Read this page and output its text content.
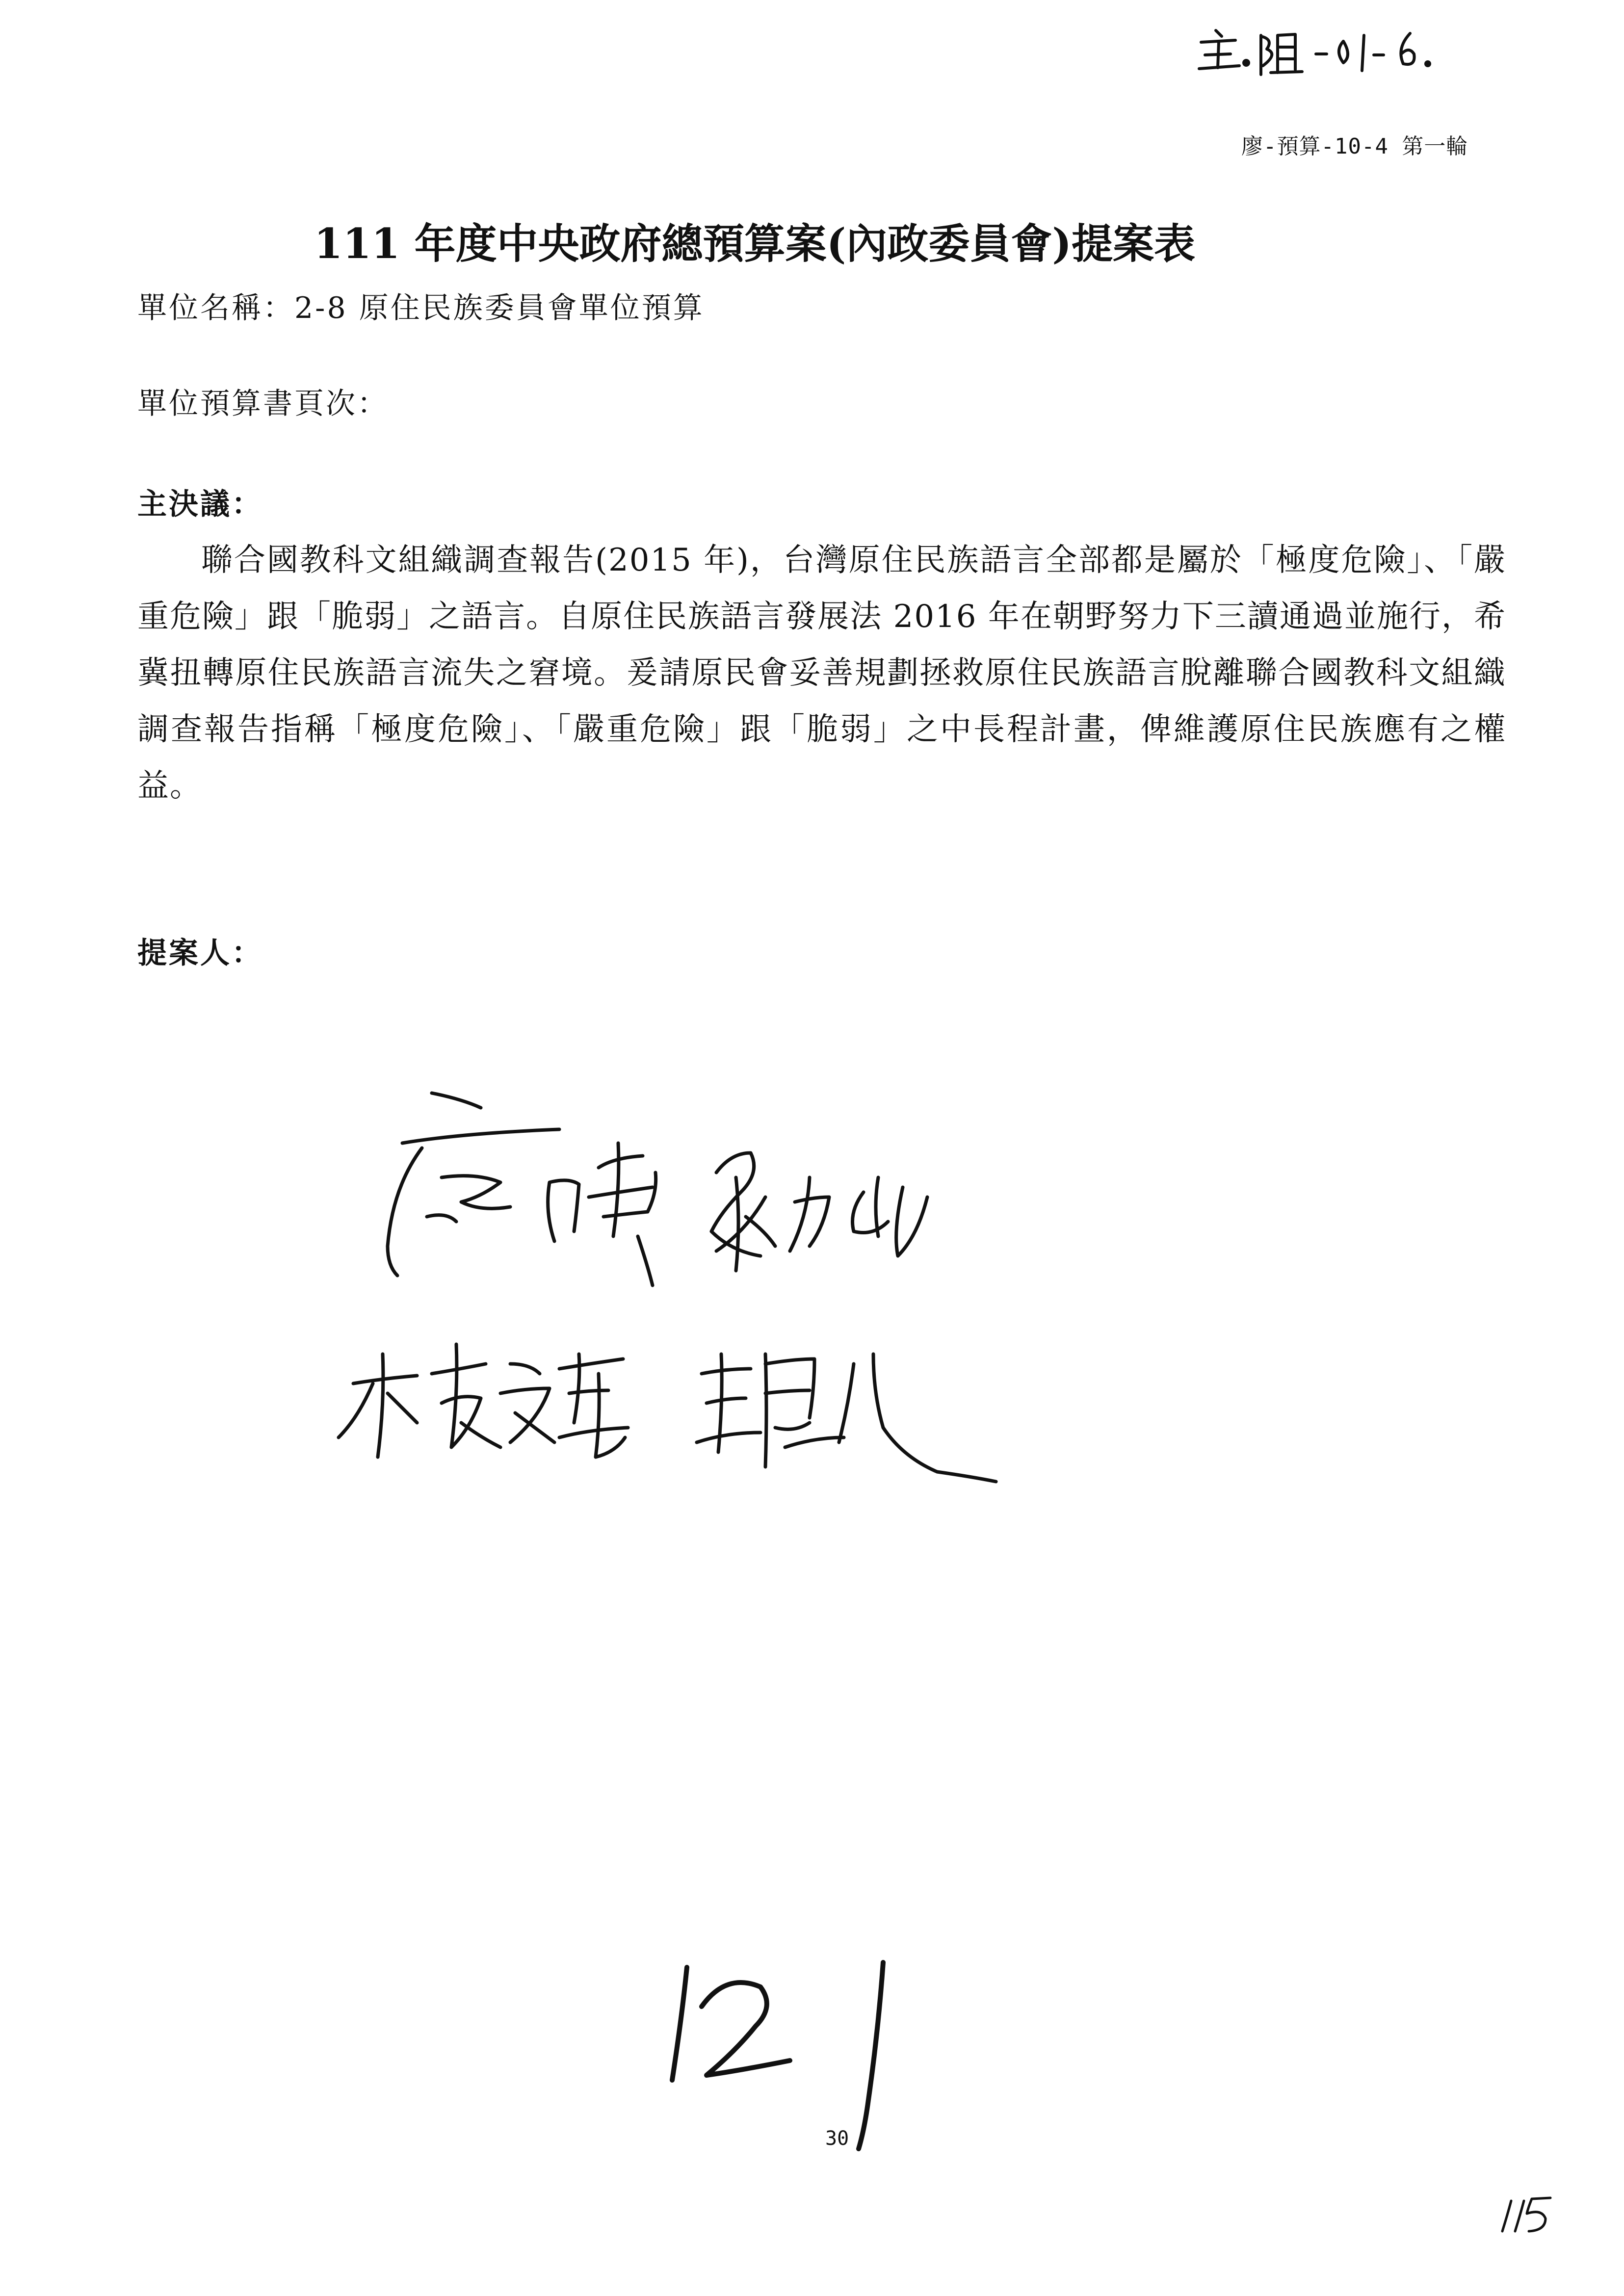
廖-預算-10-4 第一輪
111 年度中央政府總預算案(內政委員會)提案表
單位名稱：2-8 原住民族委員會單位預算
單位預算書頁次：
主決議：

聯合國教科文組織調查報告(2015 年)，台灣原住民族語言全部都是屬於「極度危險」、「嚴重危險」跟「脆弱」之語言。自原住民族語言發展法 2016 年在朝野努力下三讀通過並施行，希冀扭轉原住民族語言流失之窘境。爰請原民會妥善規劃拯救原住民族語言脫離聯合國教科文組織調查報告指稱「極度危險」、「嚴重危險」跟「脆弱」之中長程計畫，俾維護原住民族應有之權益。

提案人：
30
